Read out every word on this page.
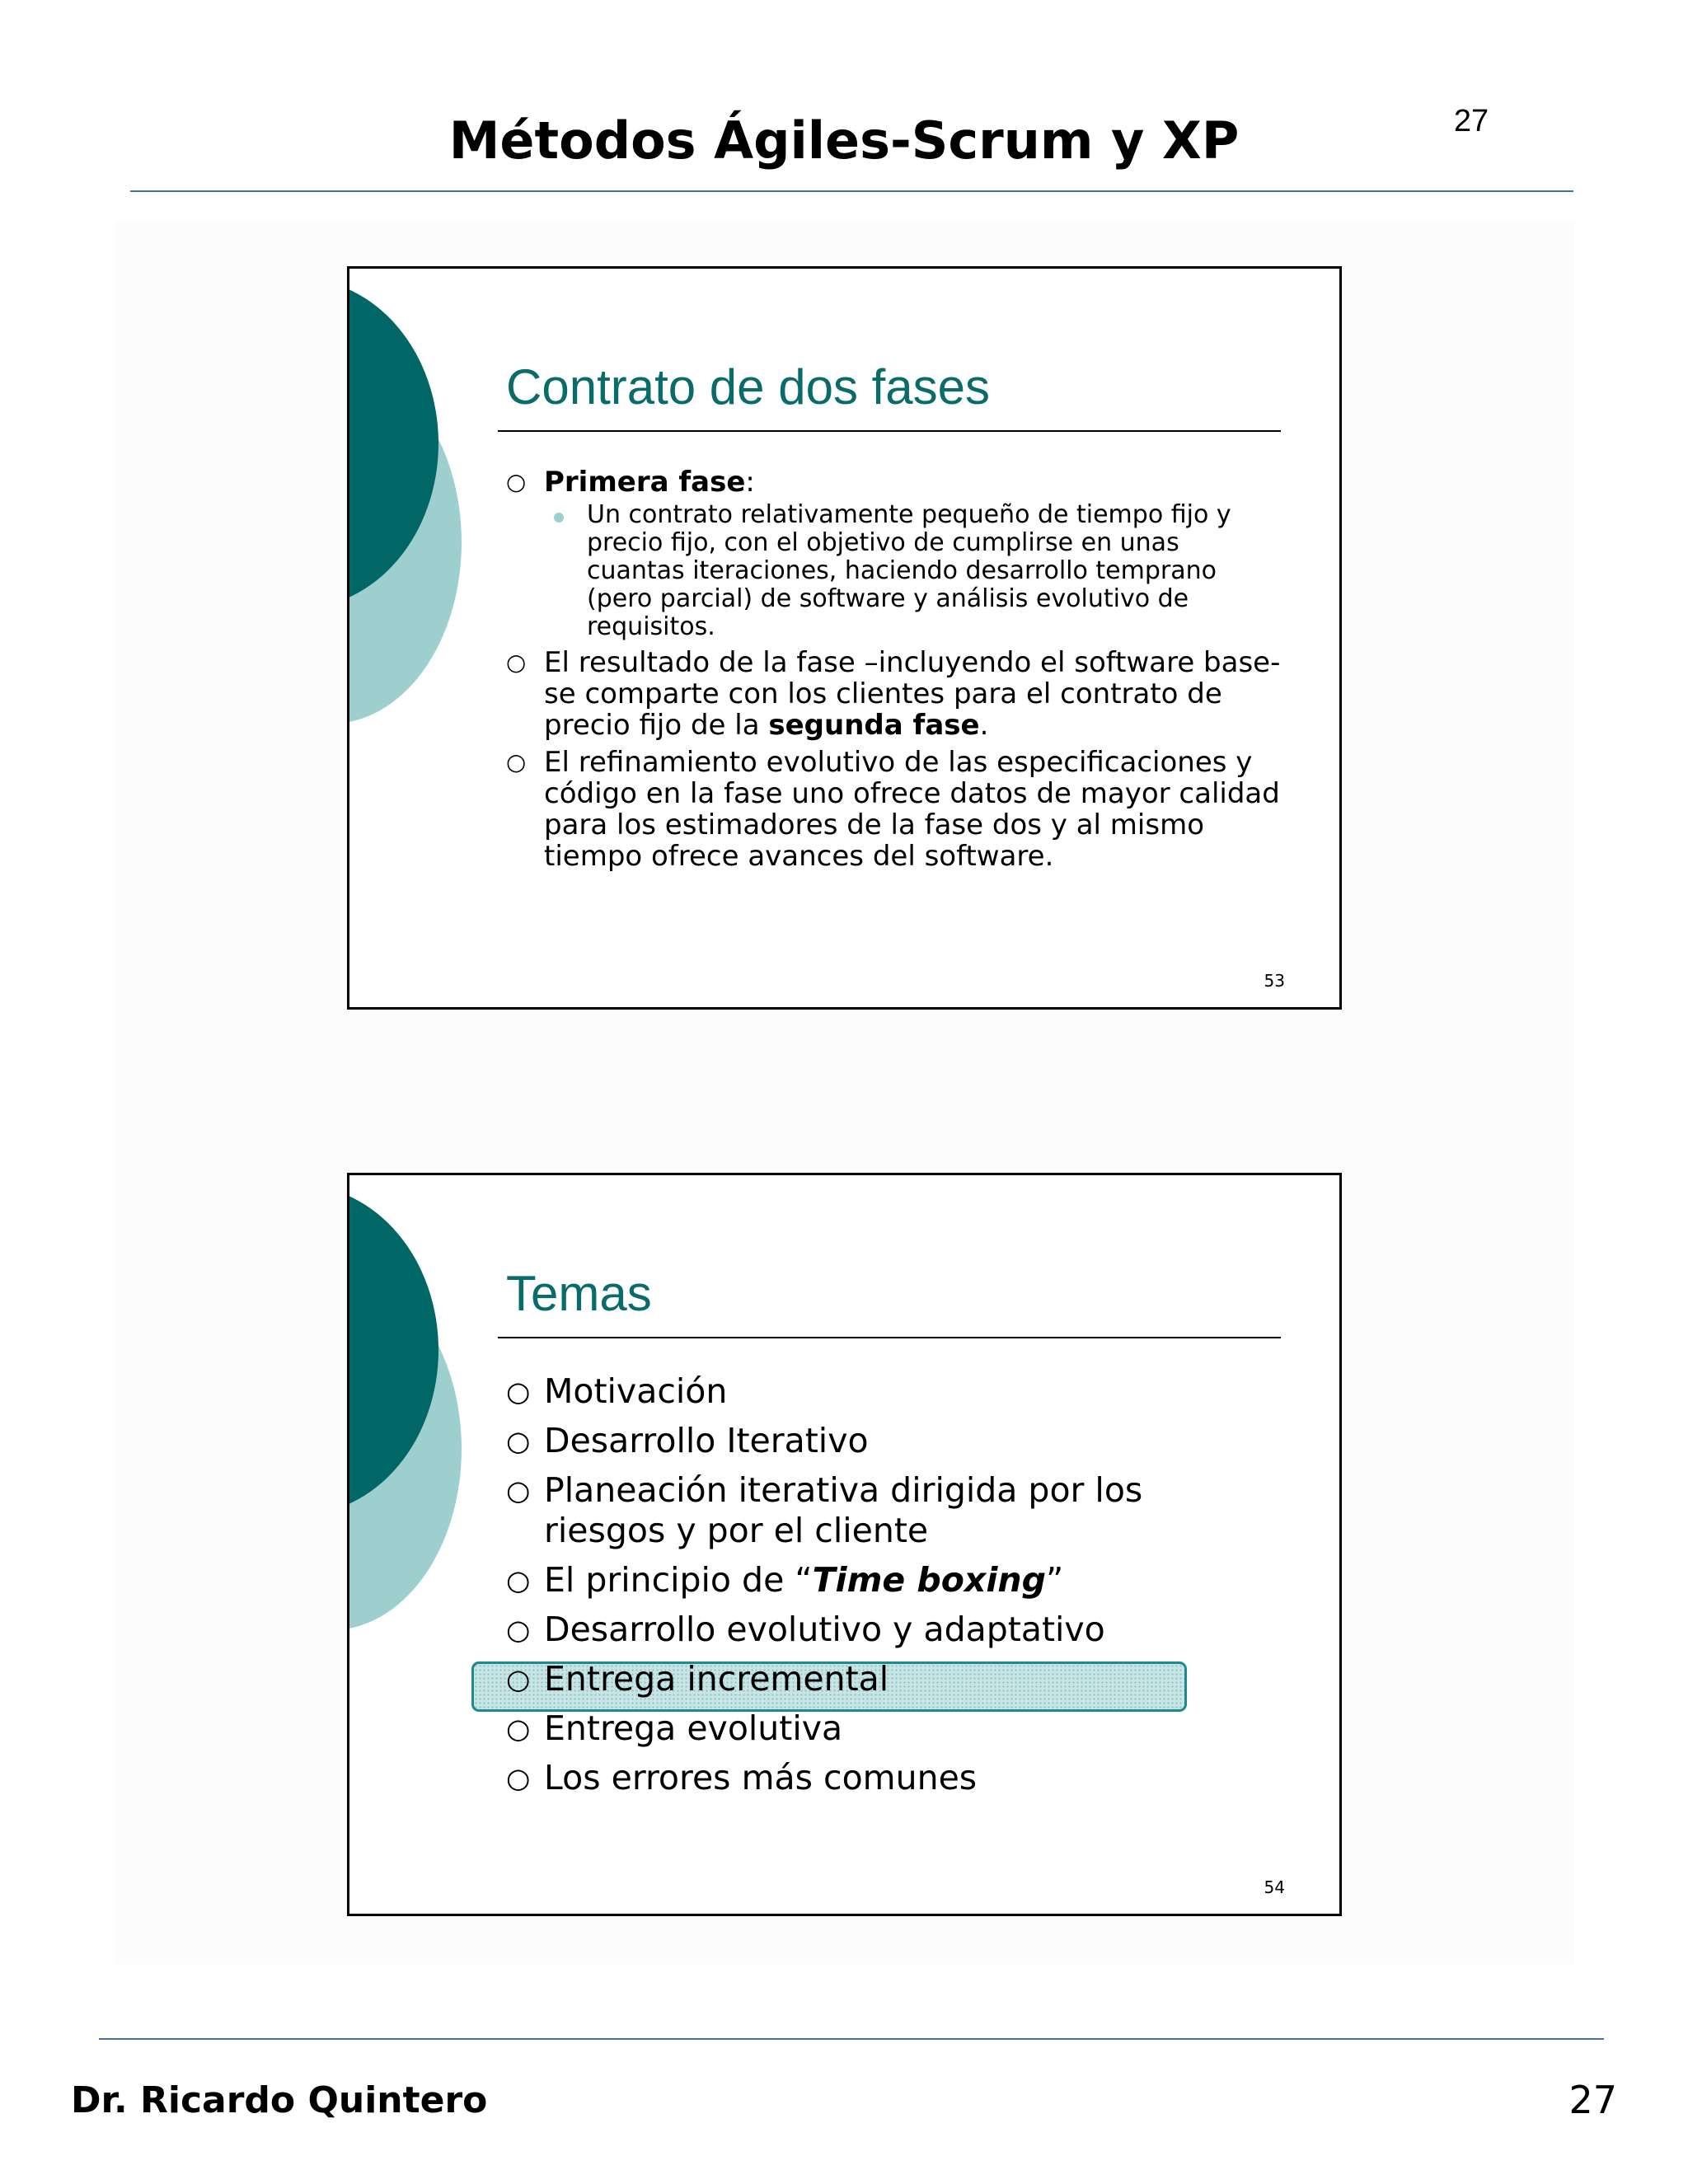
Métodos Ágiles-Scrum y XP	27
Contrato de dos fases
○ Primera fase:
Un contrato relativamente pequeño de tiempo fijo y precio fijo, con el objetivo de cumplirse en unas cuantas iteraciones, haciendo desarrollo temprano (pero parcial) de software y análisis evolutivo de requisitos.
○ El resultado de la fase –incluyendo el software base- se comparte con los clientes para el contrato de precio fijo de la segunda fase.
○ El refinamiento evolutivo de las especificaciones y código en la fase uno ofrece datos de mayor calidad para los estimadores de la fase dos y al mismo tiempo ofrece avances del software.
53
Temas
○ Motivación
○ Desarrollo Iterativo
○ Planeación iterativa dirigida por los riesgos y por el cliente
○ El principio de “Time boxing”
○ Desarrollo evolutivo y adaptativo
○ Entrega incremental
○ Entrega evolutiva
○ Los errores más comunes
54
Dr. Ricardo Quintero	27
